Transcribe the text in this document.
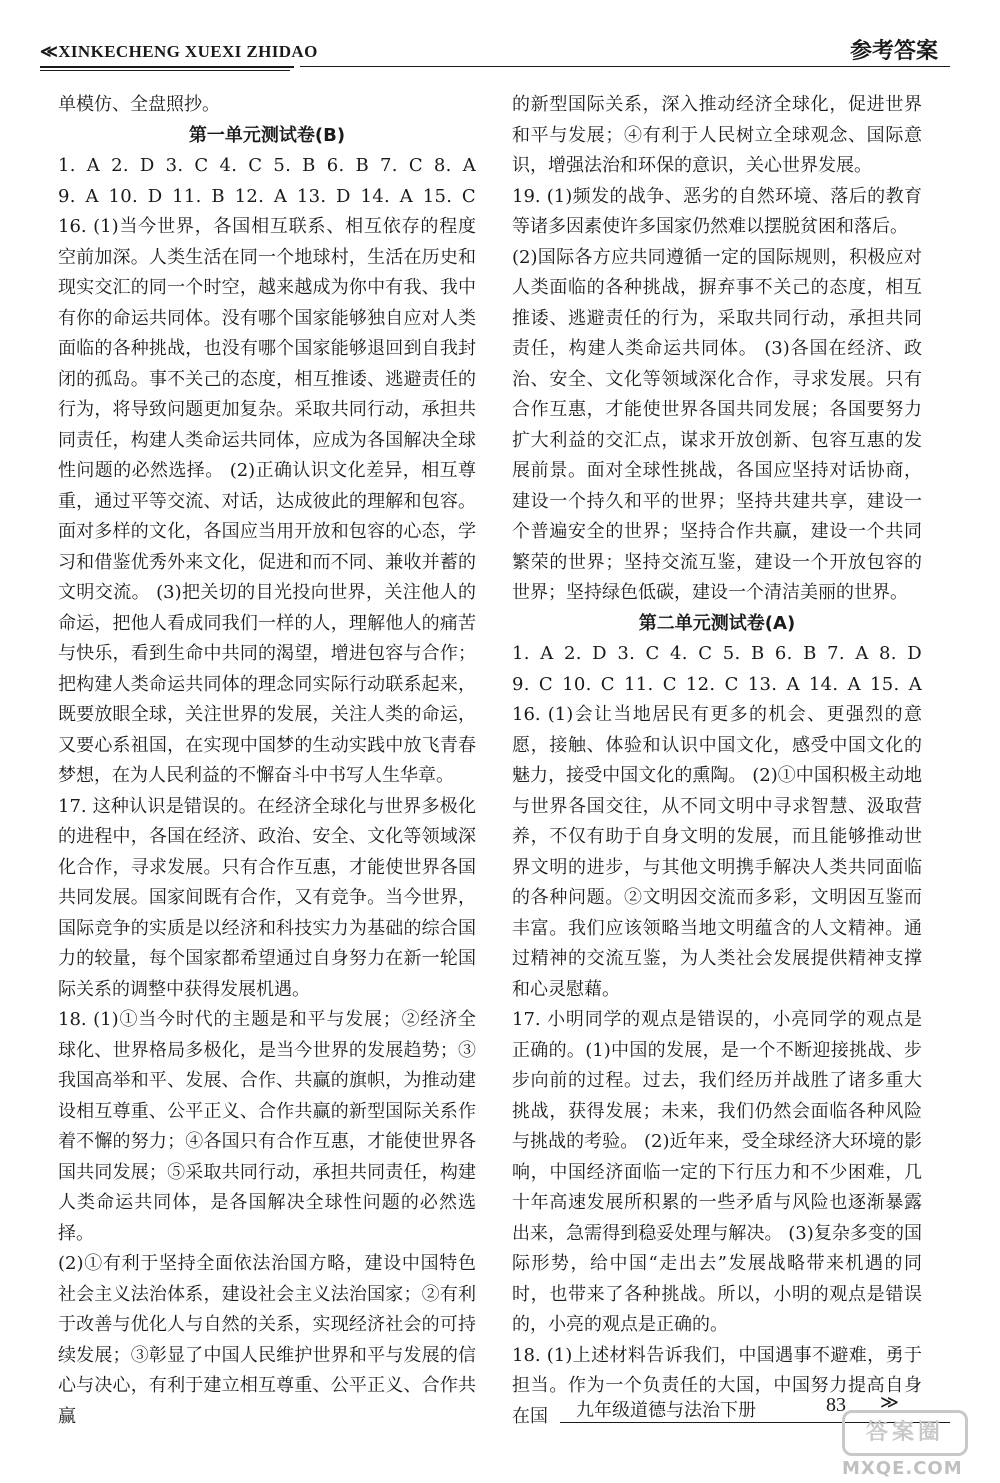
≪XINKECHENG XUEXI ZHIDAO	参考答案

单模仿、全盘照抄。

第一单元测试卷(B)

1. A 2. D 3. C 4. C 5. B 6. B 7. C 8. A

9. A 10. D 11. B 12. A 13. D 14. A 15. C

16. (1)当今世界，各国相互联系、相互依存的程度空前加深。人类生活在同一个地球村，生活在历史和现实交汇的同一个时空，越来越成为你中有我、我中有你的命运共同体。没有哪个国家能够独自应对人类面临的各种挑战，也没有哪个国家能够退回到自我封闭的孤岛。事不关己的态度，相互推诿、逃避责任的行为，将导致问题更加复杂。采取共同行动，承担共同责任，构建人类命运共同体，应成为各国解决全球性问题的必然选择。 (2)正确认识文化差异，相互尊重，通过平等交流、对话，达成彼此的理解和包容。面对多样的文化，各国应当用开放和包容的心态，学习和借鉴优秀外来文化，促进和而不同、兼收并蓄的文明交流。 (3)把关切的目光投向世界，关注他人的命运，把他人看成同我们一样的人，理解他人的痛苦与快乐，看到生命中共同的渴望，增进包容与合作；把构建人类命运共同体的理念同实际行动联系起来，既要放眼全球，关注世界的发展，关注人类的命运，又要心系祖国，在实现中国梦的生动实践中放飞青春梦想，在为人民利益的不懈奋斗中书写人生华章。

17. 这种认识是错误的。在经济全球化与世界多极化的进程中，各国在经济、政治、安全、文化等领域深化合作，寻求发展。只有合作互惠，才能使世界各国共同发展。国家间既有合作，又有竞争。当今世界，国际竞争的实质是以经济和科技实力为基础的综合国力的较量，每个国家都希望通过自身努力在新一轮国际关系的调整中获得发展机遇。

18. (1)①当今时代的主题是和平与发展；②经济全球化、世界格局多极化，是当今世界的发展趋势；③我国高举和平、发展、合作、共赢的旗帜，为推动建设相互尊重、公平正义、合作共赢的新型国际关系作着不懈的努力；④各国只有合作互惠，才能使世界各国共同发展；⑤采取共同行动，承担共同责任，构建人类命运共同体，是各国解决全球性问题的必然选择。

(2)①有利于坚持全面依法治国方略，建设中国特色社会主义法治体系，建设社会主义法治国家；②有利于改善与优化人与自然的关系，实现经济社会的可持续发展；③彰显了中国人民维护世界和平与发展的信心与决心，有利于建立相互尊重、公平正义、合作共赢

的新型国际关系，深入推动经济全球化，促进世界和平与发展；④有利于人民树立全球观念、国际意识，增强法治和环保的意识，关心世界发展。

19. (1)频发的战争、恶劣的自然环境、落后的教育等诸多因素使许多国家仍然难以摆脱贫困和落后。

(2)国际各方应共同遵循一定的国际规则，积极应对人类面临的各种挑战，摒弃事不关己的态度，相互推诿、逃避责任的行为，采取共同行动，承担共同责任，构建人类命运共同体。 (3)各国在经济、政治、安全、文化等领域深化合作，寻求发展。只有合作互惠，才能使世界各国共同发展；各国要努力扩大利益的交汇点，谋求开放创新、包容互惠的发展前景。面对全球性挑战，各国应坚持对话协商，建设一个持久和平的世界；坚持共建共享，建设一个普遍安全的世界；坚持合作共赢，建设一个共同繁荣的世界；坚持交流互鉴，建设一个开放包容的世界；坚持绿色低碳，建设一个清洁美丽的世界。

第二单元测试卷(A)

1. A 2. D 3. C 4. C 5. B 6. B 7. A 8. D

9. C 10. C 11. C 12. C 13. A 14. A 15. A

16. (1)会让当地居民有更多的机会、更强烈的意愿，接触、体验和认识中国文化，感受中国文化的魅力，接受中国文化的熏陶。 (2)①中国积极主动地与世界各国交往，从不同文明中寻求智慧、汲取营养，不仅有助于自身文明的发展，而且能够推动世界文明的进步，与其他文明携手解决人类共同面临的各种问题。②文明因交流而多彩，文明因互鉴而丰富。我们应该领略当地文明蕴含的人文精神。通过精神的交流互鉴，为人类社会发展提供精神支撑和心灵慰藉。

17. 小明同学的观点是错误的，小亮同学的观点是正确的。(1)中国的发展，是一个不断迎接挑战、步步向前的过程。过去，我们经历并战胜了诸多重大挑战，获得发展；未来，我们仍然会面临各种风险与挑战的考验。 (2)近年来，受全球经济大环境的影响，中国经济面临一定的下行压力和不少困难，几十年高速发展所积累的一些矛盾与风险也逐渐暴露出来，急需得到稳妥处理与解决。 (3)复杂多变的国际形势，给中国“走出去”发展战略带来机遇的同时，也带来了各种挑战。所以，小明的观点是错误的，小亮的观点是正确的。

18. (1)上述材料告诉我们，中国遇事不避难，勇于担当。作为一个负责任的大国，中国努力提高自身在国	九年级道德与法治下册	83 ≫
答案圈
MXQE.COM
